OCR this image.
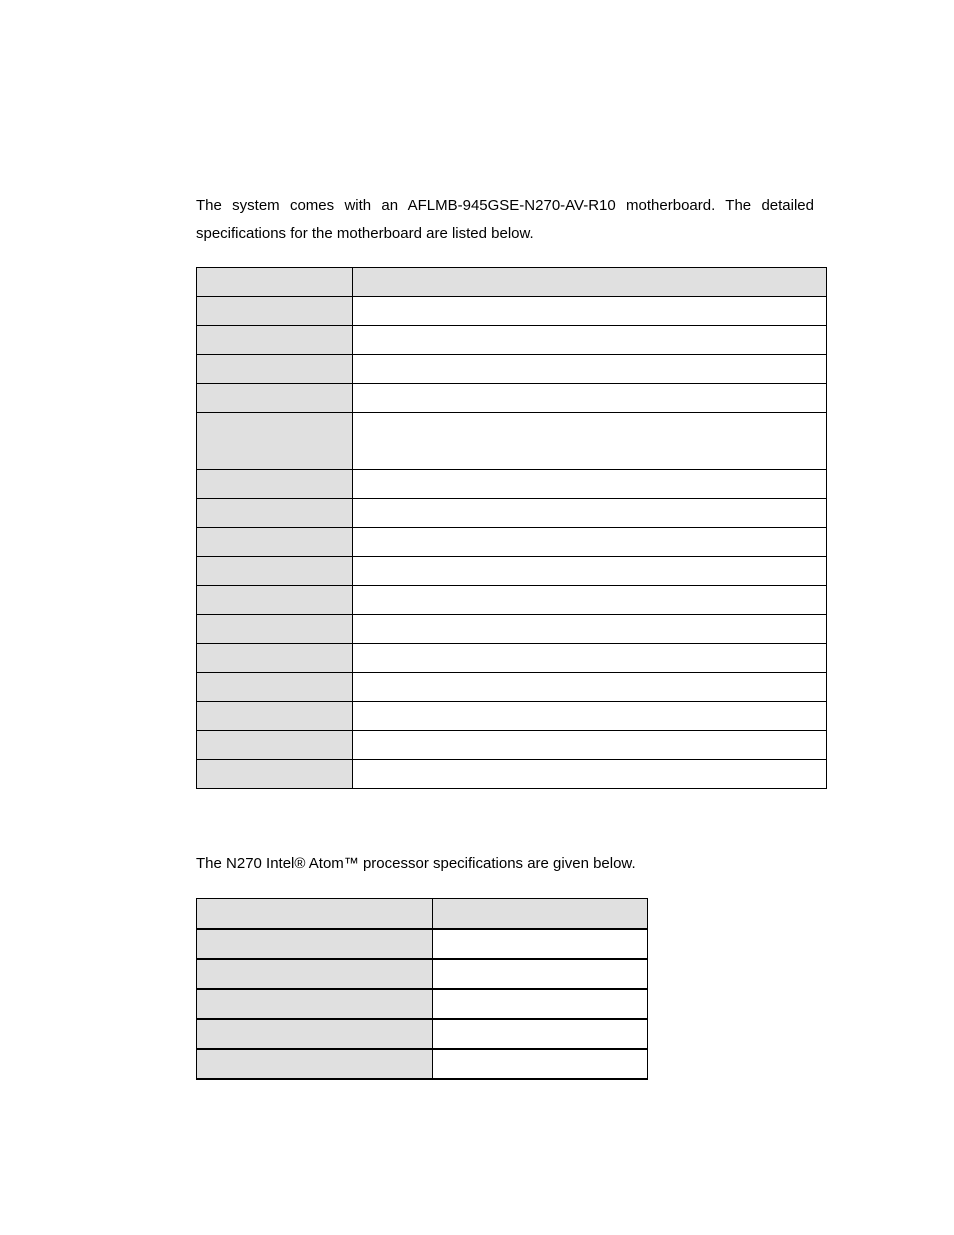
The system comes with an AFLMB-945GSE-N270-AV-R10 motherboard. The detailed specifications for the motherboard are listed below.

The N270 Intel® Atom™ processor specifications are given below.
